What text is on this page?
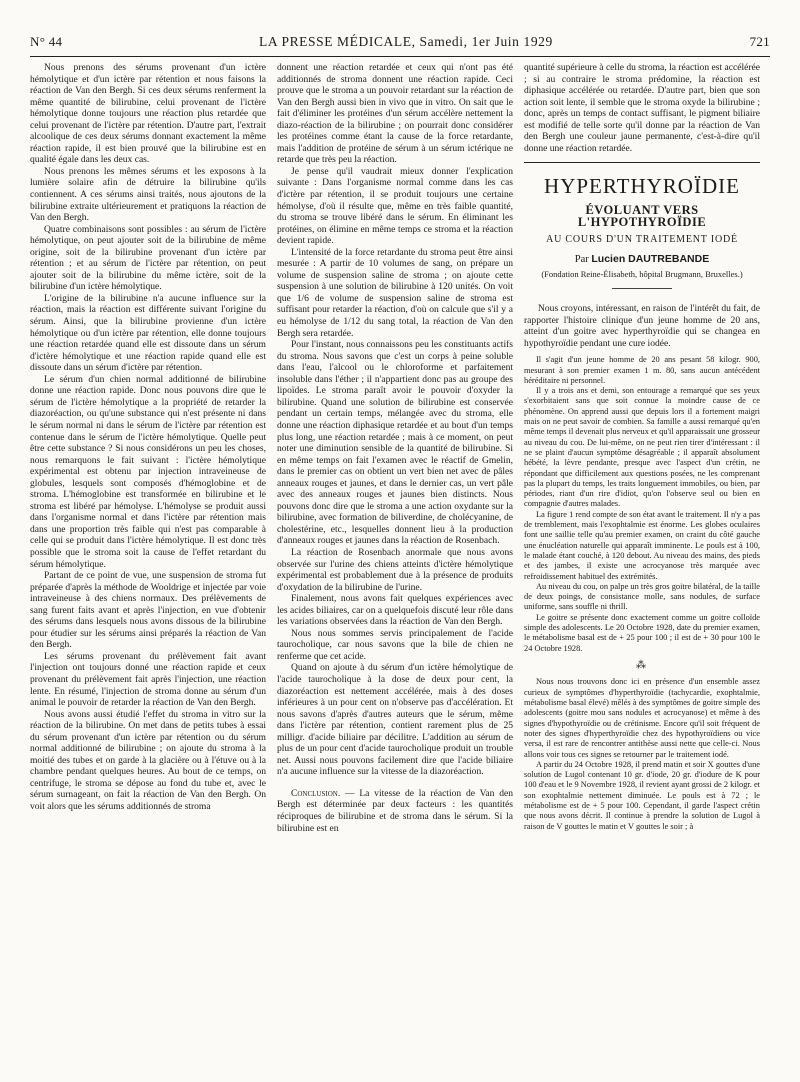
N° 44	LA PRESSE MÉDICALE, Samedi, 1er Juin 1929	721

Nous prenons des sérums provenant d'un ictère hémolytique et d'un ictère par rétention et nous faisons la réaction de Van den Bergh. Si ces deux sérums renferment la même quantité de bilirubine, celui provenant de l'ictère hémolytique donne toujours une réaction plus retardée que celui provenant de l'ictère par rétention. D'autre part, l'extrait alcoolique de ces deux sérums donnant exactement la même réaction rapide, il est bien prouvé que la bilirubine est en qualité égale dans les deux cas.

Nous prenons les mêmes sérums et les exposons à la lumière solaire afin de détruire la bilirubine qu'ils contiennent. A ces sérums ainsi traités, nous ajoutons de la bilirubine extraite ultérieurement et pratiquons la réaction de Van den Bergh.

Quatre combinaisons sont possibles : au sérum de l'ictère hémolytique, on peut ajouter soit de la bilirubine de même origine, soit de la bilirubine provenant d'un ictère par rétention ; et au sérum de l'ictère par rétention, on peut ajouter soit de la bilirubine du même ictère, soit de la bilirubine d'un ictère hémolytique.

L'origine de la bilirubine n'a aucune influence sur la réaction, mais la réaction est différente suivant l'origine du sérum. Ainsi, que la bilirubine provienne d'un ictère hémolytique ou d'un ictère par rétention, elle donne toujours une réaction retardée quand elle est dissoute dans un sérum d'ictère hémolytique et une réaction rapide quand elle est dissoute dans un sérum d'ictère par rétention.

Le sérum d'un chien normal additionné de bilirubine donne une réaction rapide. Donc nous pouvons dire que le sérum de l'ictère hémolytique a la propriété de retarder la diazoréaction, ou qu'une substance qui n'est présente ni dans le sérum normal ni dans le sérum de l'ictère par rétention est contenue dans le sérum de l'ictère hémolytique. Quelle peut être cette substance ? Si nous considérons un peu les choses, nous remarquons le fait suivant : l'ictère hémolytique expérimental est obtenu par injection intraveineuse de globules, lesquels sont composés d'hémoglobine et de stroma. L'hémoglobine est transformée en bilirubine et le stroma est libéré par hémolyse. L'hémolyse se produit aussi dans l'organisme normal et dans l'ictère par rétention mais dans une proportion très faible qui n'est pas comparable à celle qui se produit dans l'ictère hémolytique. Il est donc très possible que le stroma soit la cause de l'effet retardant du sérum hémolytique.

Partant de ce point de vue, une suspension de stroma fut préparée d'après la méthode de Wooldrige et injectée par voie intraveineuse à des chiens normaux. Des prélèvements de sang furent faits avant et après l'injection, en vue d'obtenir des sérums dans lesquels nous avons dissous de la bilirubine pour étudier sur les sérums ainsi préparés la réaction de Van den Bergh.

Les sérums provenant du prélèvement fait avant l'injection ont toujours donné une réaction rapide et ceux provenant du prélèvement fait après l'injection, une réaction lente. En résumé, l'injection de stroma donne au sérum d'un animal le pouvoir de retarder la réaction de Van den Bergh.

Nous avons aussi étudié l'effet du stroma in vitro sur la réaction de la bilirubine. On met dans de petits tubes à essai du sérum provenant d'un ictère par rétention ou du sérum normal additionné de bilirubine ; on ajoute du stroma à la moitié des tubes et on garde à la glacière ou à l'étuve ou à la chambre pendant quelques heures. Au bout de ce temps, on centrifuge, le stroma se dépose au fond du tube et, avec le sérum surnageant, on fait la réaction de Van den Bergh. On voit alors que les sérums additionnés de stroma

donnent une réaction retardée et ceux qui n'ont pas été additionnés de stroma donnent une réaction rapide. Ceci prouve que le stroma a un pouvoir retardant sur la réaction de Van den Bergh aussi bien in vivo que in vitro. On sait que le fait d'éliminer les protéines d'un sérum accélère nettement la diazo-réaction de la bilirubine ; on pourrait donc considérer les protéines comme étant la cause de la force retardante, mais l'addition de protéine de sérum à un sérum ictérique ne retarde que très peu la réaction.

Je pense qu'il vaudrait mieux donner l'explication suivante : Dans l'organisme normal comme dans les cas d'ictère par rétention, il se produit toujours une certaine hémolyse, d'où il résulte que, même en très faible quantité, du stroma se trouve libéré dans le sérum. En éliminant les protéines, on élimine en même temps ce stroma et la réaction devient rapide.

L'intensité de la force retardante du stroma peut être ainsi mesurée : A partir de 10 volumes de sang, on prépare un volume de suspension saline de stroma ; on ajoute cette suspension à une solution de bilirubine à 120 unités. On voit que 1/6 de volume de suspension saline de stroma est suffisant pour retarder la réaction, d'où on calcule que s'il y a eu hémolyse de 1/12 du sang total, la réaction de Van den Bergh sera retardée.

Pour l'instant, nous connaissons peu les constituants actifs du stroma. Nous savons que c'est un corps à peine soluble dans l'eau, l'alcool ou le chloroforme et parfaitement insoluble dans l'éther ; il n'appartient donc pas au groupe des lipoïdes. Le stroma paraît avoir le pouvoir d'oxyder la bilirubine. Quand une solution de bilirubine est conservée pendant un certain temps, mélangée avec du stroma, elle donne une réaction diphasique retardée et au bout d'un temps plus long, une réaction retardée ; mais à ce moment, on peut noter une diminution sensible de la quantité de bilirubine. Si en même temps on fait l'examen avec le réactif de Gmelin, dans le premier cas on obtient un vert bien net avec de pâles anneaux rouges et jaunes, et dans le dernier cas, un vert pâle avec des anneaux rouges et jaunes bien distincts. Nous pouvons donc dire que le stroma a une action oxydante sur la bilirubine, avec formation de biliverdine, de cholécyanine, de cholestérine, etc., lesquelles donnent lieu à la production d'anneaux rouges et jaunes dans la réaction de Rosenbach.

La réaction de Rosenbach anormale que nous avons observée sur l'urine des chiens atteints d'ictère hémolytique expérimental est probablement due à la présence de produits d'oxydation de la bilirubine de l'urine.

Finalement, nous avons fait quelques expériences avec les acides biliaires, car on a quelquefois discuté leur rôle dans les variations observées dans la réaction de Van den Bergh.

Nous nous sommes servis principalement de l'acide taurocholique, car nous savons que la bile de chien ne renferme que cet acide.

Quand on ajoute à du sérum d'un ictère hémolytique de l'acide taurocholique à la dose de deux pour cent, la diazoréaction est nettement accélérée, mais à des doses inférieures à un pour cent on n'observe pas d'accélération. Et nous savons d'après d'autres auteurs que le sérum, même dans l'ictère par rétention, contient rarement plus de 25 milligr. d'acide biliaire par décilitre. L'addition au sérum de plus de un pour cent d'acide taurocholique produit un trouble net. Aussi nous pouvons facilement dire que l'acide biliaire n'a aucune influence sur la vitesse de la diazoréaction.

Conclusion. — La vitesse de la réaction de Van den Bergh est déterminée par deux facteurs : les quantités réciproques de bilirubine et de stroma dans le sérum. Si la bilirubine est en

quantité supérieure à celle du stroma, la réaction est accélérée ; si au contraire le stroma prédomine, la réaction est diphasique accélérée ou retardée. D'autre part, bien que son action soit lente, il semble que le stroma oxyde la bilirubine ; donc, après un temps de contact suffisant, le pigment biliaire est modifié de telle sorte qu'il donne par la réaction de Van den Bergh une couleur jaune permanente, c'est-à-dire qu'il donne une réaction retardée.

HYPERTHYROÏDIE
ÉVOLUANT VERS L'HYPOTHYROÏDIE
AU COURS D'UN TRAITEMENT IODÉ
Par Lucien DAUTREBANDE
(Fondation Reine-Élisabeth, hôpital Brugmann, Bruxelles.)

Nous croyons, intéressant, en raison de l'intérêt du fait, de rapporter l'histoire clinique d'un jeune homme de 20 ans, atteint d'un goitre avec hyperthyroïdie qui se changea en hypothyroïdie pendant une cure iodée.

Il s'agit d'un jeune homme de 20 ans pesant 58 kilogr. 900, mesurant à son premier examen 1 m. 80, sans aucun antécédent héréditaire ni personnel.

Il y a trois ans et demi, son entourage a remarqué que ses yeux s'exorbitaient sans que soit connue la moindre cause de ce phénomène. On apprend aussi que depuis lors il a fortement maigri mais on ne peut savoir de combien. Sa famille a aussi remarqué qu'en même temps il devenait plus nerveux et qu'il apparaissait une grosseur au niveau du cou. De lui-même, on ne peut rien tirer d'intéressant : il ne se plaint d'aucun symptôme désagréable ; il apparaît absolument hébété, la lèvre pendante, presque avec l'aspect d'un crétin, ne répondant que difficilement aux questions posées, ne les comprenant pas la plupart du temps, les traits longuement immobiles, ou bien, par périodes, riant d'un rire d'idiot, qu'on l'observe seul ou bien en compagnie d'autres malades.

La figure 1 rend compte de son état avant le traitement. Il n'y a pas de tremblement, mais l'exophtalmie est énorme. Les globes oculaires font une saillie telle qu'au premier examen, on craint du côté gauche une énucléation naturelle qui apparaît imminente. Le pouls est à 100, le malade étant couché, à 120 debout. Au niveau des mains, des pieds et des jambes, il existe une acrocyanose très marquée avec refroidissement habituel des extrémités.

Au niveau du cou, on palpe un très gros goitre bilatéral, de la taille de deux poings, de consistance molle, sans nodules, de surface uniforme, sans souffle ni thrill.

Le goitre se présente donc exactement comme un goitre colloïde simple des adolescents. Le 20 Octobre 1928, date du premier examen, le métabolisme basal est de + 25 pour 100 ; il est de + 30 pour 100 le 24 Octobre 1928.

⁂

Nous nous trouvons donc ici en présence d'un ensemble assez curieux de symptômes d'hyperthyroïdie (tachycardie, exophtalmie, métabolisme basal élevé) mêlés à des symptômes de goitre simple des adolescents (goitre mou sans nodules et acrocyanose) et même à des signes d'hypothyroïdie ou de crétinisme. Encore qu'il soit fréquent de noter des signes d'hyperthyroïdie chez des hypothyroïdiens ou vice versa, il est rare de rencontrer antithèse aussi nette que celle-ci. Nous allons voir tous ces signes se retourner par le traitement iodé.

A partir du 24 Octobre 1928, il prend matin et soir X gouttes d'une solution de Lugol contenant 10 gr. d'iode, 20 gr. d'iodure de K pour 100 d'eau et le 9 Novembre 1928, il revient ayant grossi de 2 kilogr. et son exophtalmie nettement diminuée. Le pouls est à 72 ; le métabolisme est de + 5 pour 100. Cependant, il garde l'aspect crétin que nous avons décrit. Il continue à prendre la solution de Lugol à raison de V gouttes le matin et V gouttes le soir ; à
